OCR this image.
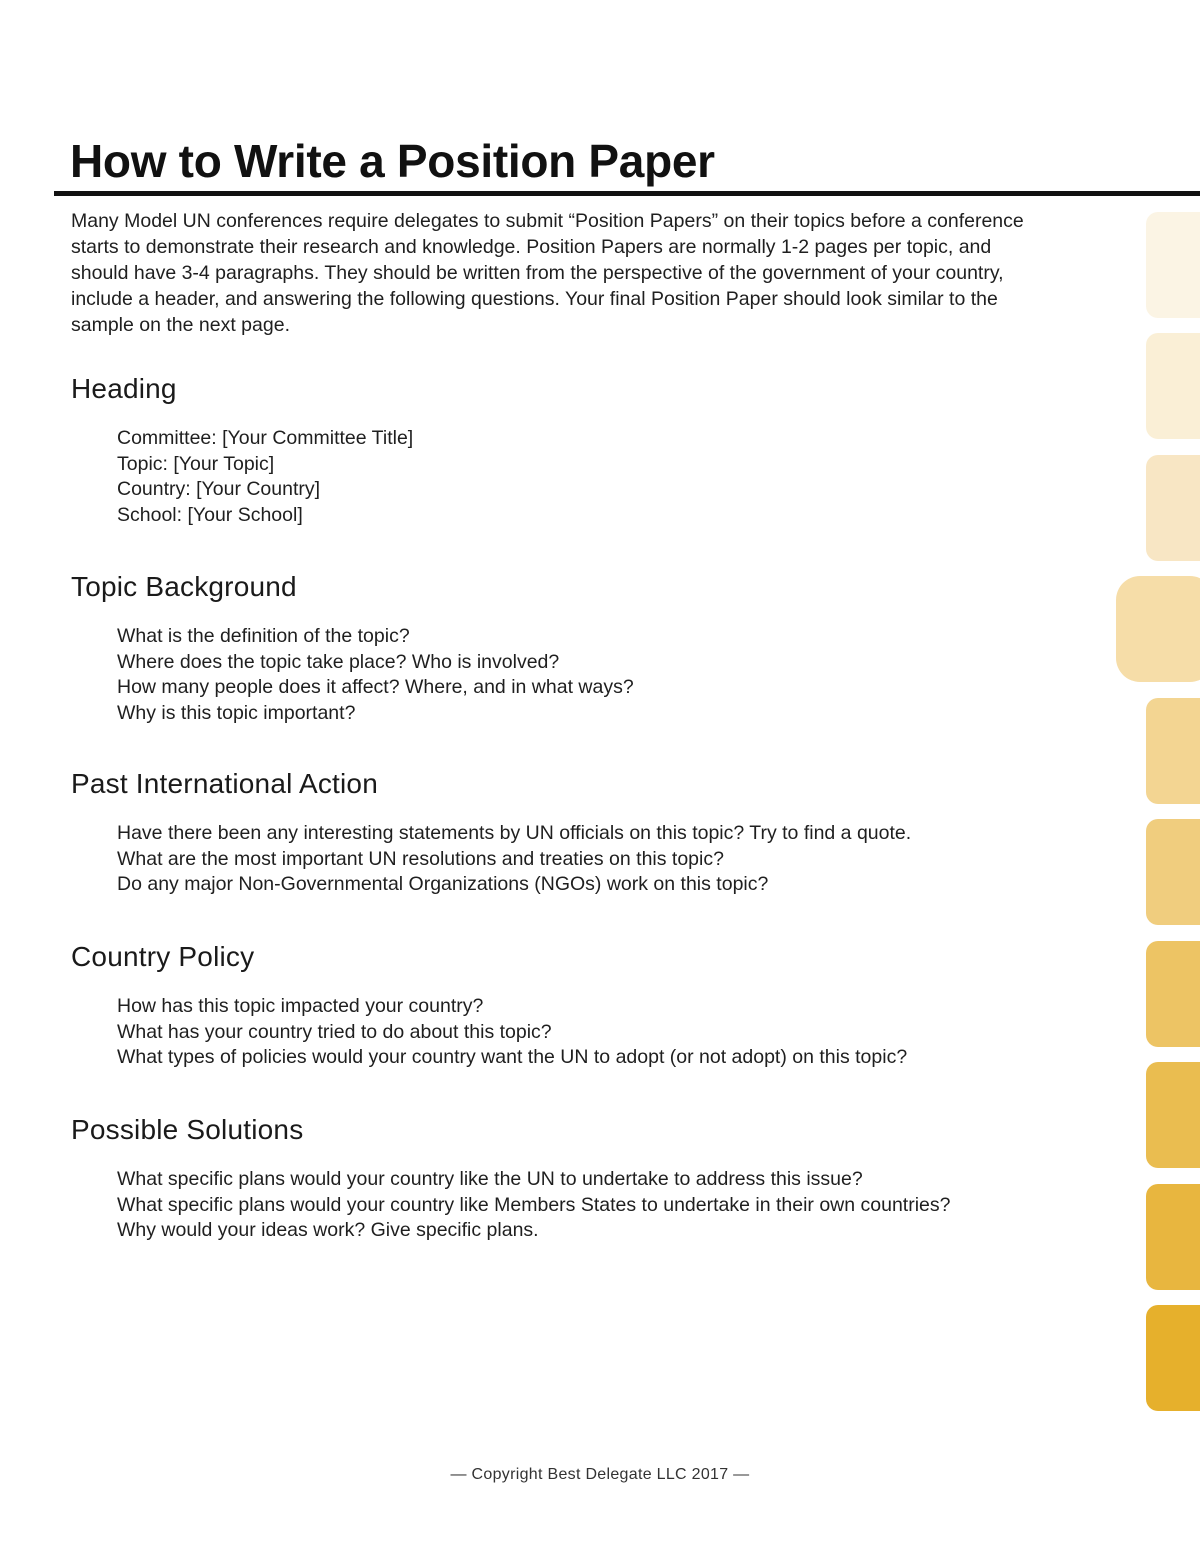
How to Write a Position Paper

Many Model UN conferences require delegates to submit “Position Papers” on their topics before a conference starts to demonstrate their research and knowledge. Position Papers are normally 1-2 pages per topic, and should have 3-4 paragraphs. They should be written from the perspective of the government of your country, include a header, and answering the following questions. Your final Position Paper should look similar to the sample on the next page.

Heading
Committee: [Your Committee Title]
Topic: [Your Topic]
Country: [Your Country]
School: [Your School]
Topic Background
What is the definition of the topic?
Where does the topic take place? Who is involved?
How many people does it affect? Where, and in what ways?
Why is this topic important?
Past International Action
Have there been any interesting statements by UN officials on this topic? Try to find a quote.
What are the most important UN resolutions and treaties on this topic?
Do any major Non-Governmental Organizations (NGOs) work on this topic?
Country Policy
How has this topic impacted your country?
What has your country tried to do about this topic?
What types of policies would your country want the UN to adopt (or not adopt) on this topic?
Possible Solutions
What specific plans would your country like the UN to undertake to address this issue?
What specific plans would your country like Members States to undertake in their own countries?
Why would your ideas work? Give specific plans.
— Copyright Best Delegate LLC 2017 —
